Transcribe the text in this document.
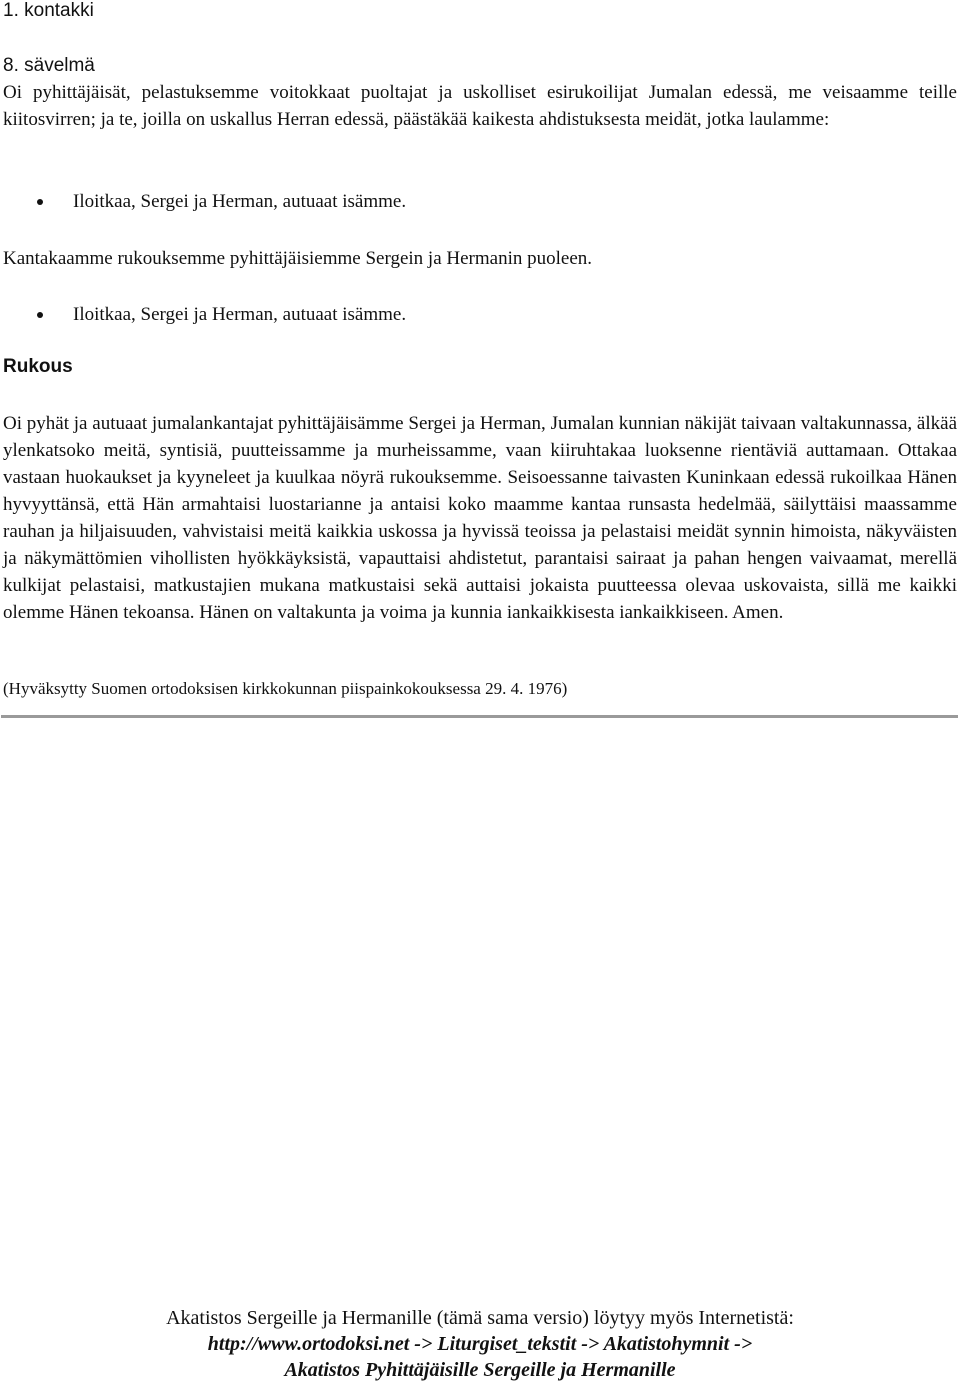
1. kontakki
8. sävelmä

Oi pyhittäjäisät, pelastuksemme voitokkaat puoltajat ja uskolliset esirukoilijat Jumalan edessä, me veisaamme teille kiitosvirren; ja te, joilla on uskallus Herran edessä, päästäkää kaikesta ahdistuksesta meidät, jotka laulamme:

Iloitkaa, Sergei ja Herman, autuaat isämme.

Kantakaamme rukouksemme pyhittäjäisiemme Sergein ja Hermanin puoleen.

Iloitkaa, Sergei ja Herman, autuaat isämme.
Rukous

Oi pyhät ja autuaat jumalankantajat pyhittäjäisämme Sergei ja Herman, Jumalan kunnian näkijät taivaan valtakunnassa, älkää ylenkatsoko meitä, syntisiä, puutteissamme ja murheissamme, vaan kiiruhtakaa luoksenne rientäviä auttamaan. Ottakaa vastaan huokaukset ja kyyneleet ja kuulkaa nöyrä rukouksemme. Seisoessanne taivasten Kuninkaan edessä rukoilkaa Hänen hyvyyttänsä, että Hän armahtaisi luostarianne ja antaisi koko maamme kantaa runsasta hedelmää, säilyttäisi maassamme rauhan ja hiljaisuuden, vahvistaisi meitä kaikkia uskossa ja hyvissä teoissa ja pelastaisi meidät synnin himoista, näkyväisten ja näkymättömien vihollisten hyökkäyksistä, vapauttaisi ahdistetut, parantaisi sairaat ja pahan hengen vaivaamat, merellä kulkijat pelastaisi, matkustajien mukana matkustaisi sekä auttaisi jokaista puutteessa olevaa uskovaista, sillä me kaikki olemme Hänen tekoansa. Hänen on valtakunta ja voima ja kunnia iankaikkisesta iankaikkiseen. Amen.

(Hyväksytty Suomen ortodoksisen kirkkokunnan piispainkokouksessa 29. 4. 1976)
Akatistos Sergeille ja Hermanille (tämä sama versio) löytyy myös Internetistä:
http://www.ortodoksi.net -> Liturgiset_tekstit -> Akatistohymnit ->
Akatistos Pyhittäjäisille Sergeille ja Hermanille
